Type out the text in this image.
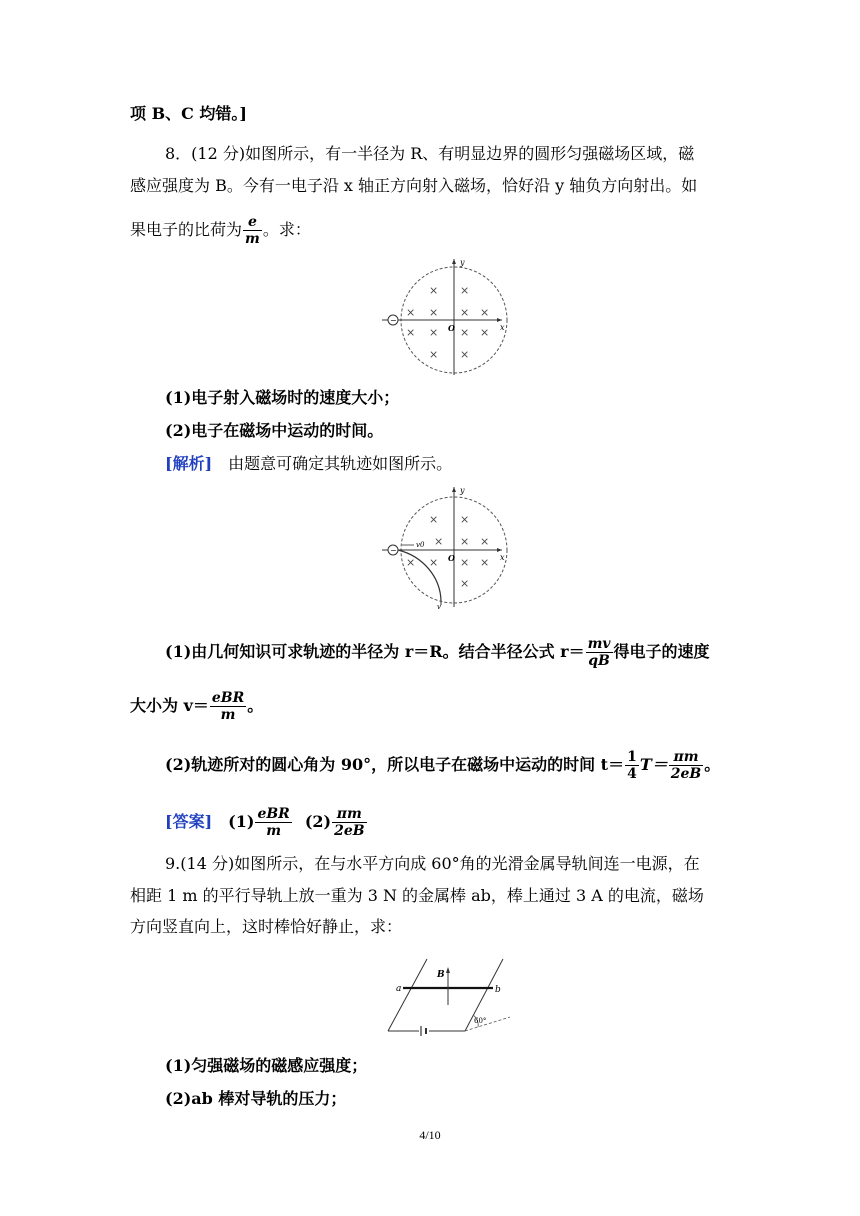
项 B、C 均错。]
8．(12 分)如图所示，有一半径为 R、有明显边界的圆形匀强磁场区域，磁
感应强度为 B。今有一电子沿 x 轴正方向射入磁场，恰好沿 y 轴负方向射出。如
果电子的比荷为 $\frac{e}{m}$ 。求：
y
x
O
−
× ×
× × × ×
× × × ×
× ×
(1)电子射入磁场时的速度大小；
(2)电子在磁场中运动的时间。
[解析] 由题意可确定其轨迹如图所示。
y
x
O
−
v
v0
× ×
× × ×
× × × ×
×
(1)由几何知识可求轨迹的半径为 r＝R。结合半径公式 $r= \frac{mv}{qB}$ 得电子的速度
大小为 $v= \frac{\text{eBR}}{m}$ 。
(2)轨迹所对的圆心角为 90°，所以电子在磁场中运动的时间 $t= \frac{1}{4} T= \frac{\pi m}{2eB}$ 。
[答案] $(1) \frac{\text{eBR}}{m} (2) \frac{\pi m}{2eB}$
9.(14 分)如图所示，在与水平方向成 60°角的光滑金属导轨间连一电源，在
相距 1 m 的平行导轨上放一重为 3 N 的金属棒 ab，棒上通过 3 A 的电流，磁场
方向竖直向上，这时棒恰好静止，求：
B
a	b
60°
(1)匀强磁场的磁感应强度；
(2)ab 棒对导轨的压力；
4/10
